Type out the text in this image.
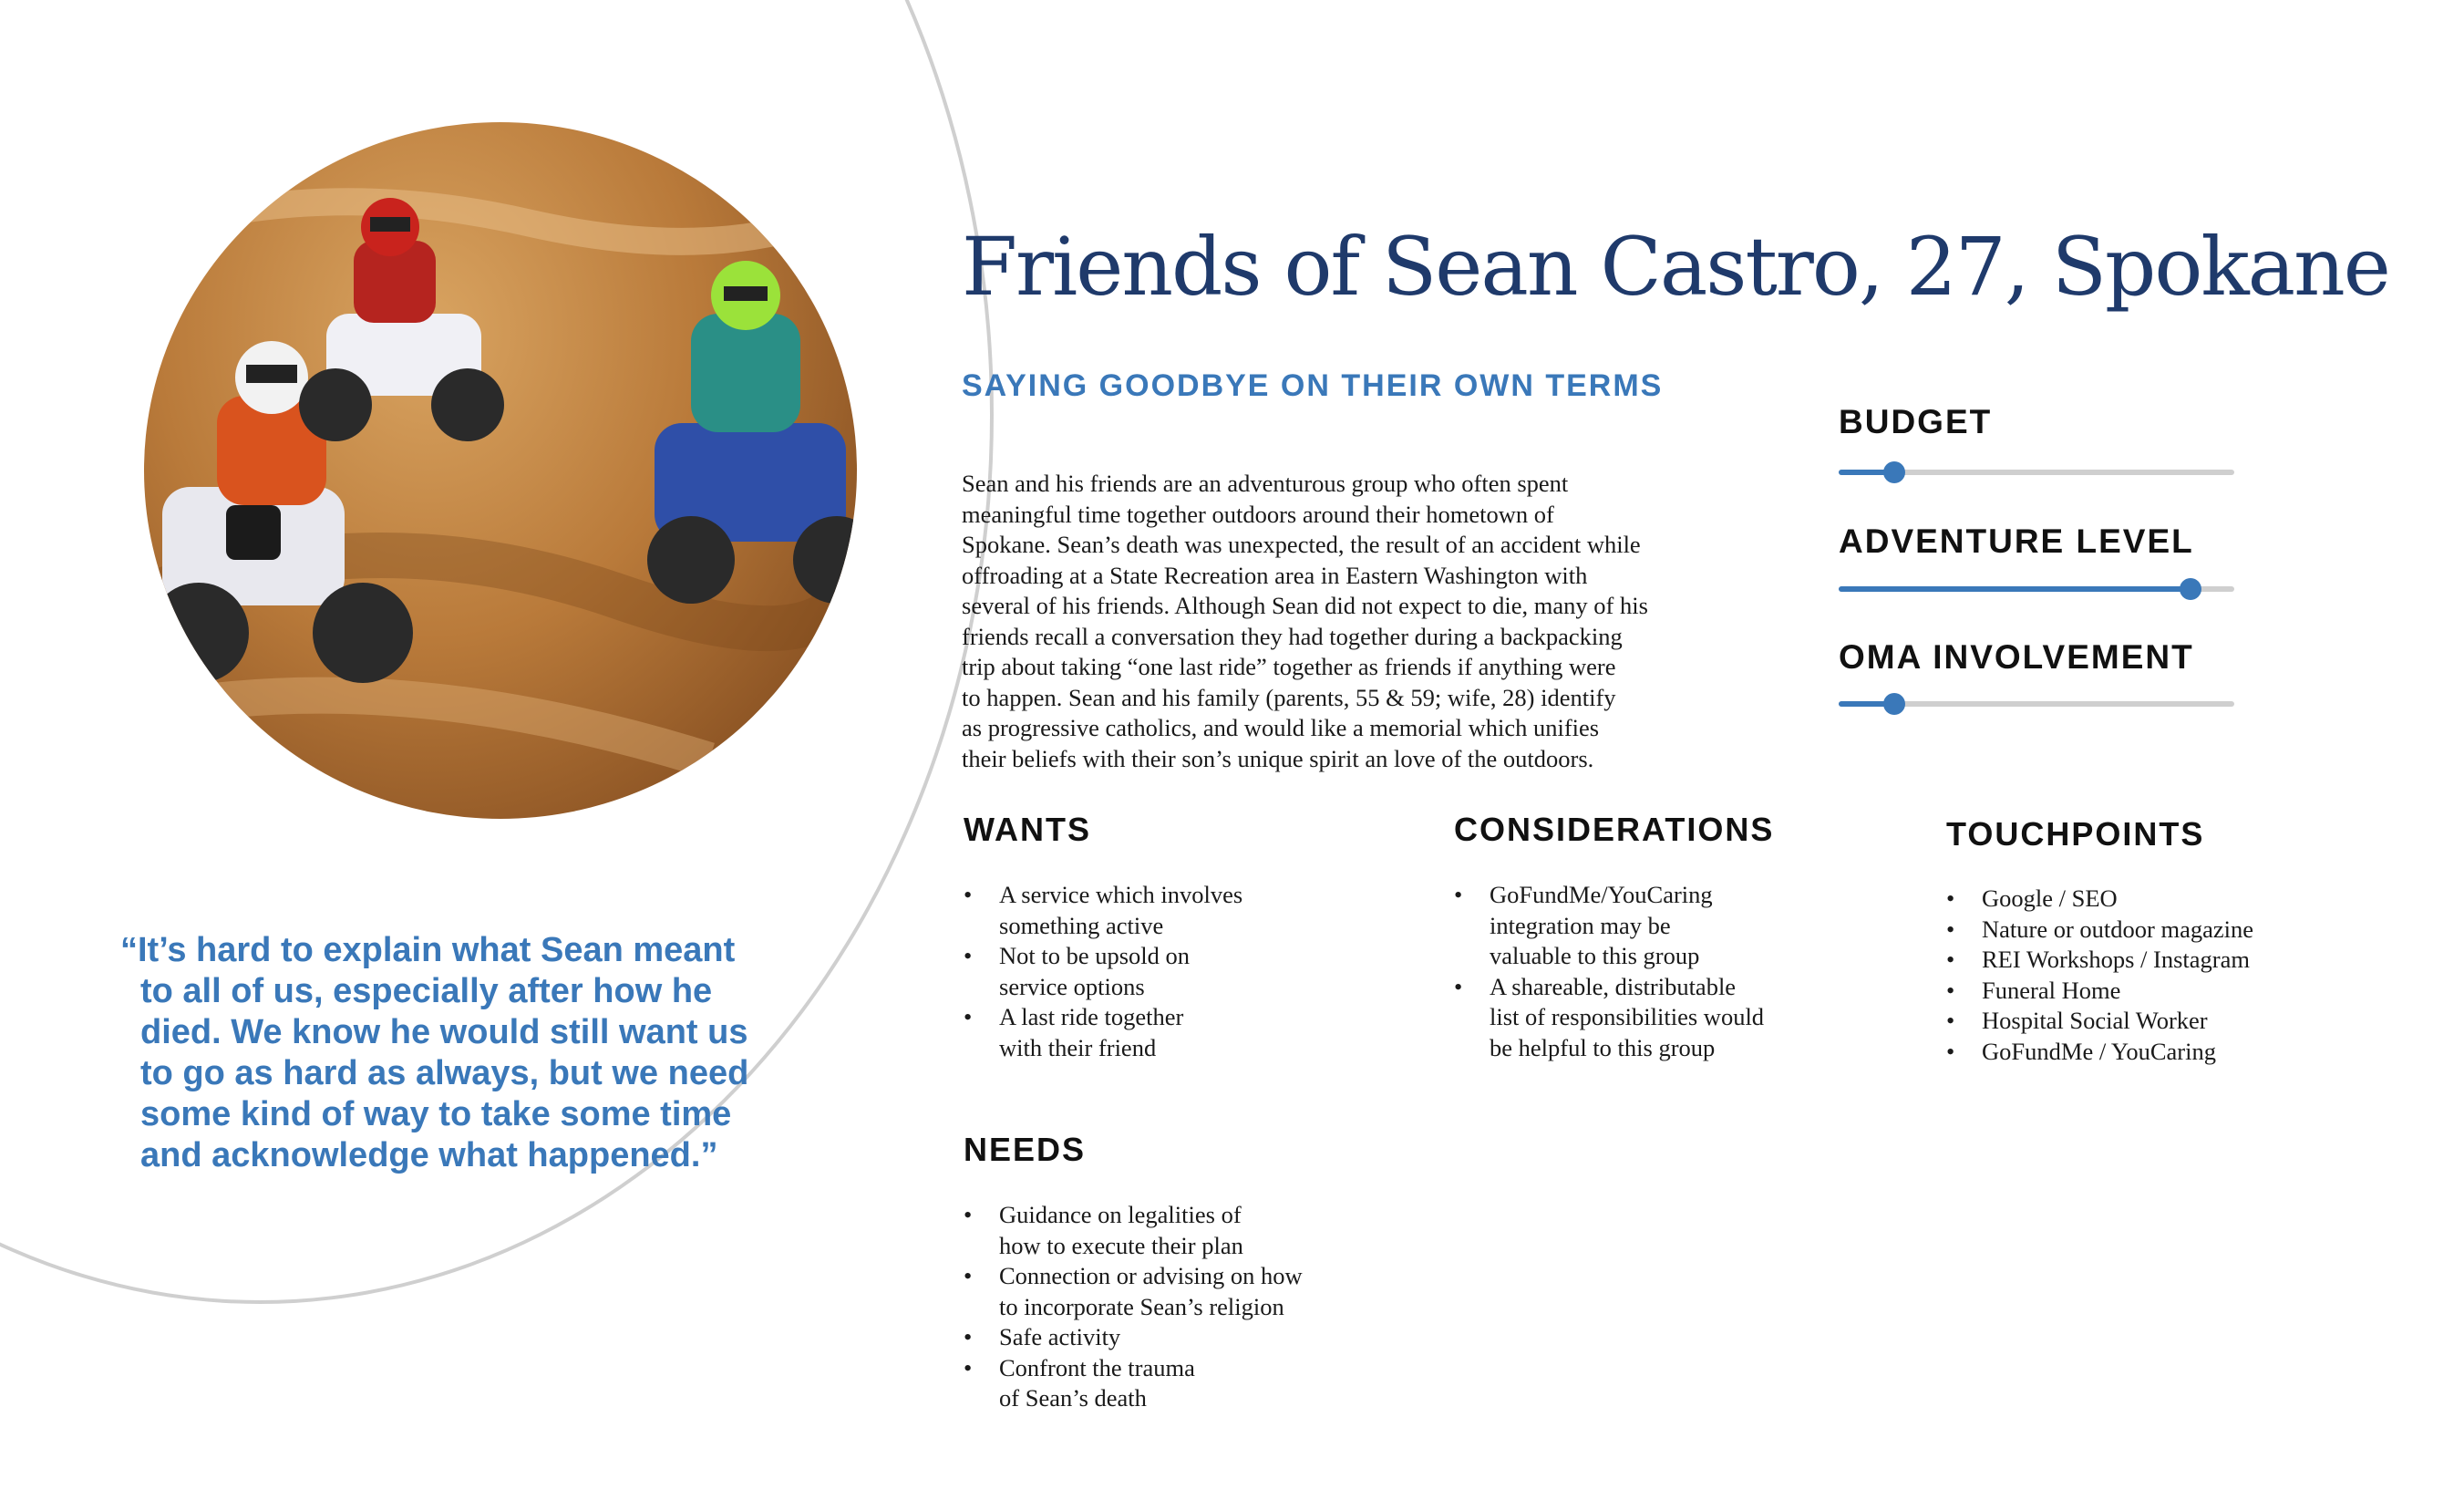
“It’s hard to explain what Sean meant
to all of us, especially after how he
died. We know he would still want us
to go as hard as always, but we need
some kind of way to take some time
and acknowledge what happened.”
Friends of Sean Castro, 27, Spokane
SAYING GOODBYE ON THEIR OWN TERMS
Sean and his friends are an adventurous group who often spent
meaningful time together outdoors around their hometown of
Spokane. Sean’s death was unexpected, the result of an accident while
offroading at a State Recreation area in Eastern Washington with
several of his friends. Although Sean did not expect to die, many of his
friends recall a conversation they had together during a backpacking
trip about taking “one last ride” together as friends if anything were
to happen. Sean and his family (parents, 55 & 59; wife, 28) identify
as progressive catholics, and would like a memorial which unifies
their beliefs with their son’s unique spirit an love of the outdoors.
BUDGET
ADVENTURE LEVEL
OMA INVOLVEMENT
WANTS
• A service which involves
something active
• Not to be upsold on
service options
• A last ride together
with their friend
CONSIDERATIONS
• GoFundMe/YouCaring
integration may be
valuable to this group
• A shareable, distributable
list of responsibilities would
be helpful to this group
TOUCHPOINTS
• Google / SEO
• Nature or outdoor magazine
• REI Workshops / Instagram
• Funeral Home
• Hospital Social Worker
• GoFundMe / YouCaring
NEEDS
• Guidance on legalities of
how to execute their plan
• Connection or advising on how
to incorporate Sean’s religion
• Safe activity
• Confront the trauma
of Sean’s death
